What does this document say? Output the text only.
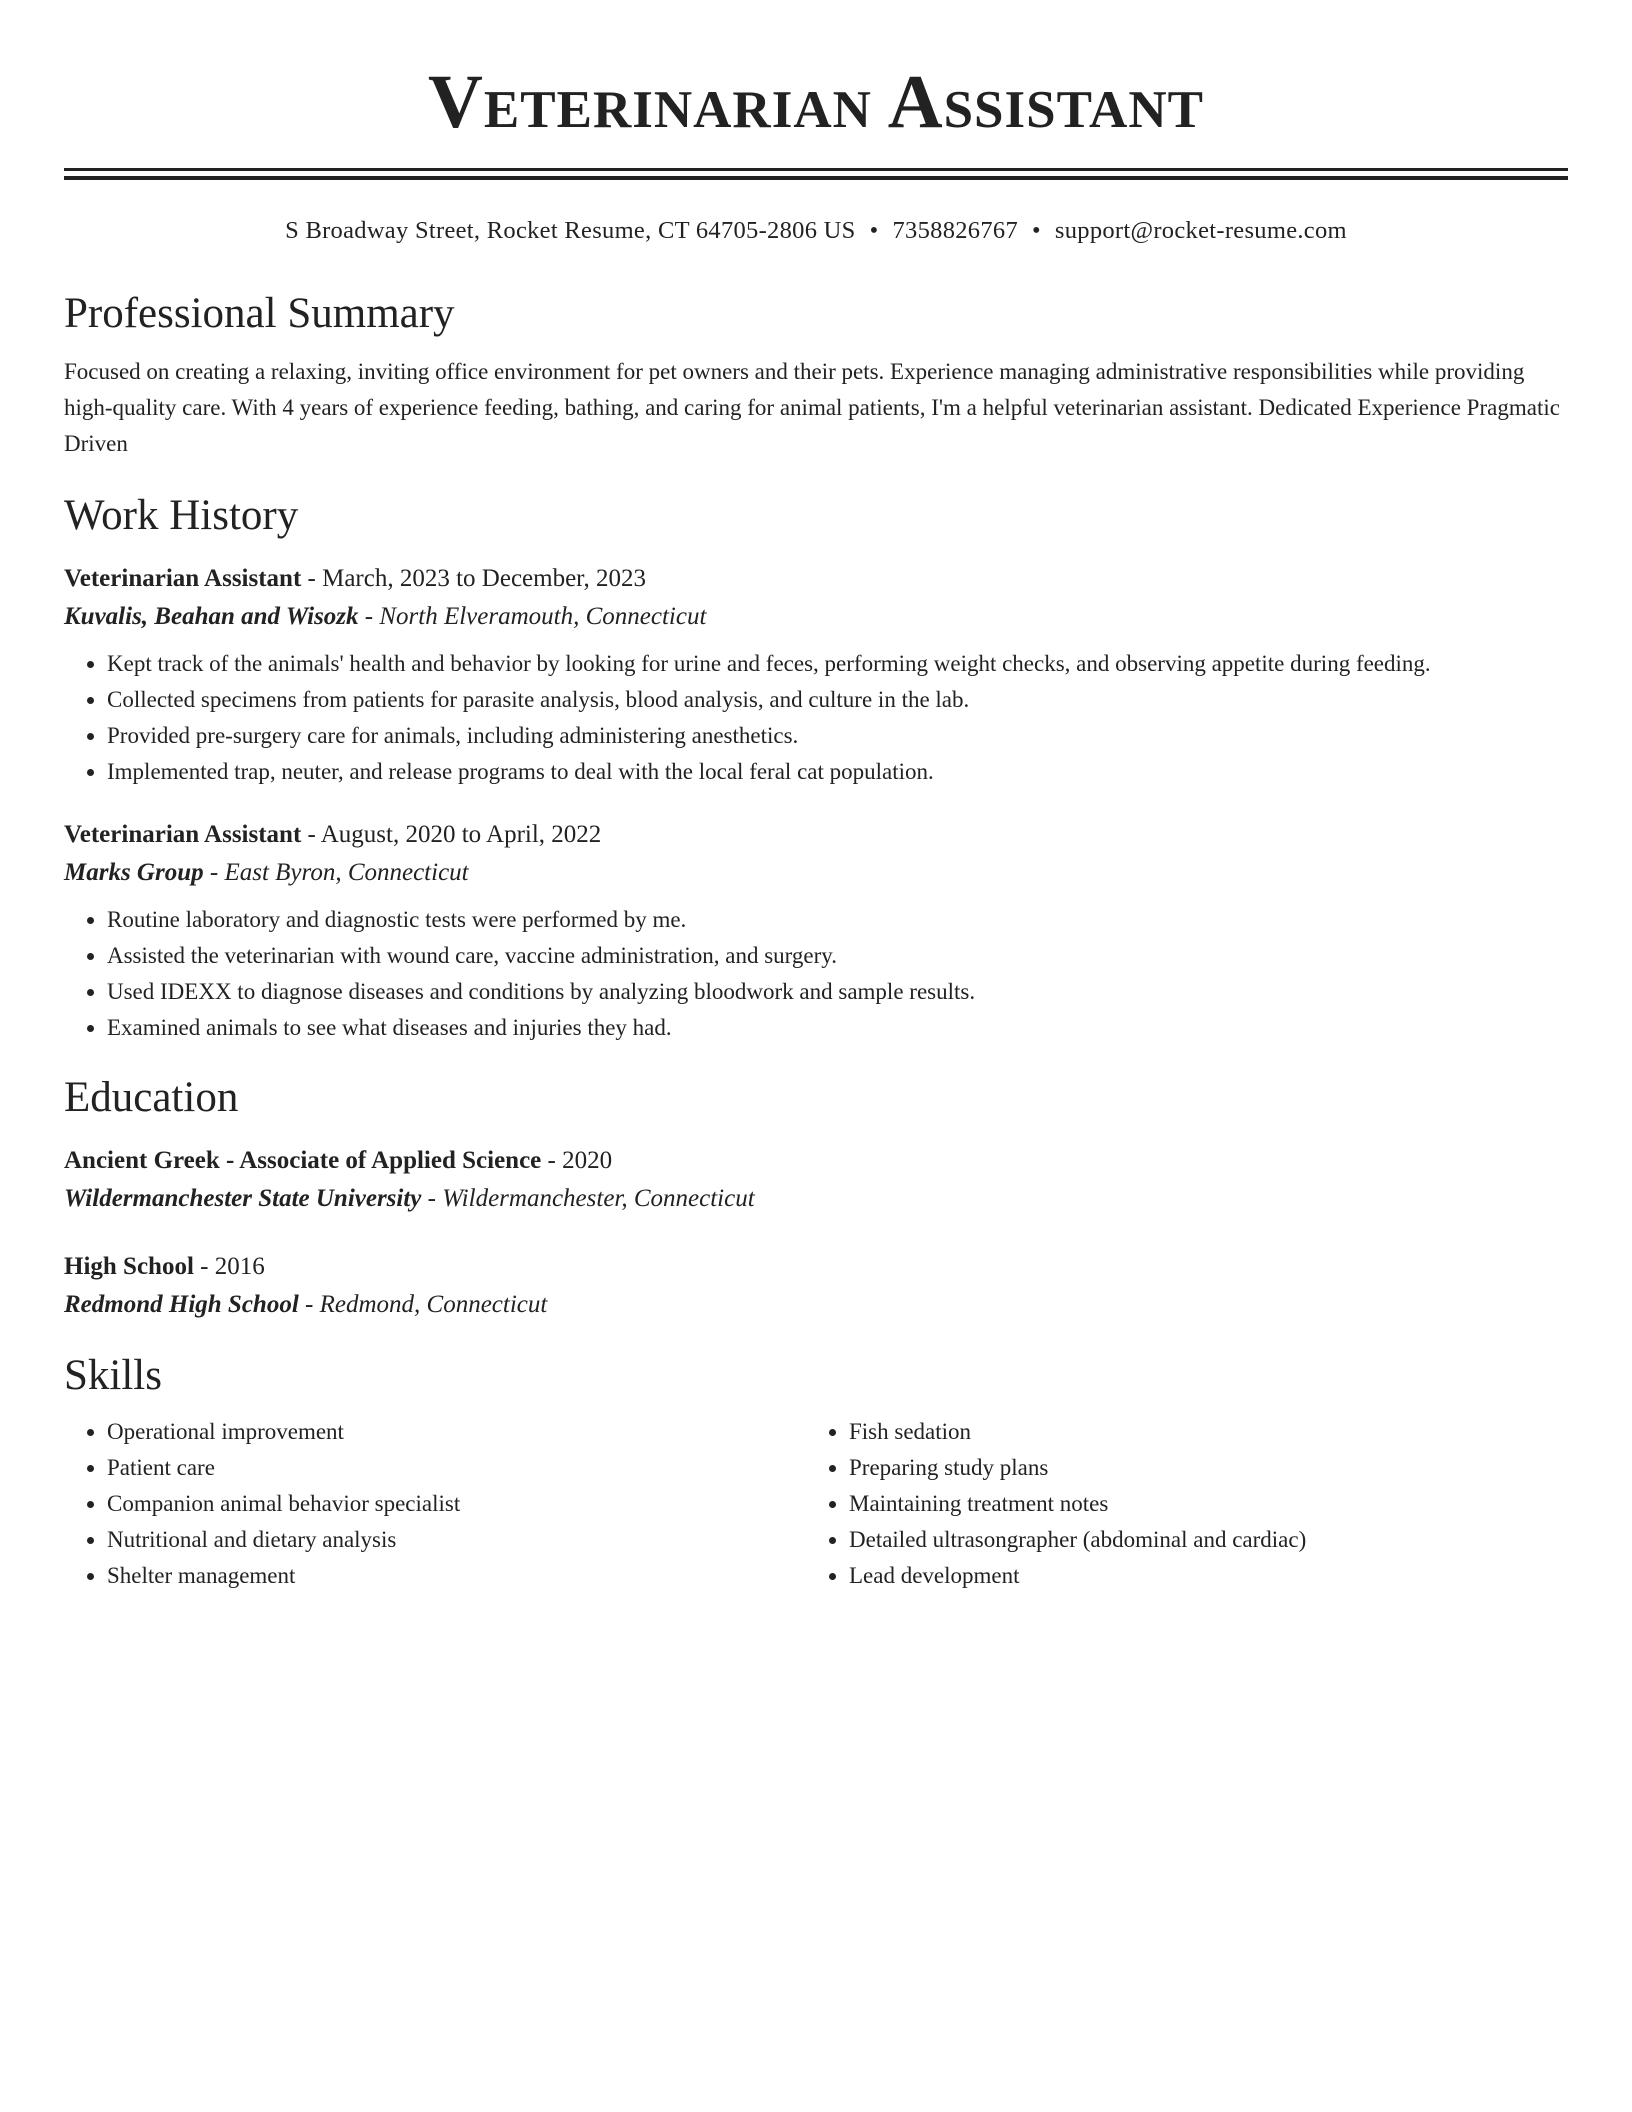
Veterinarian Assistant
S Broadway Street, Rocket Resume, CT 64705-2806 US • 7358826767 • support@rocket-resume.com
Professional Summary

Focused on creating a relaxing, inviting office environment for pet owners and their pets. Experience managing administrative responsibilities while providing high-quality care. With 4 years of experience feeding, bathing, and caring for animal patients, I'm a helpful veterinarian assistant. Dedicated Experience Pragmatic Driven

Work History
Veterinarian Assistant - March, 2023 to December, 2023
Kuvalis, Beahan and Wisozk - North Elveramouth, Connecticut
• Kept track of the animals' health and behavior by looking for urine and feces, performing weight checks, and observing appetite during feeding.
• Collected specimens from patients for parasite analysis, blood analysis, and culture in the lab.
• Provided pre-surgery care for animals, including administering anesthetics.
• Implemented trap, neuter, and release programs to deal with the local feral cat population.
Veterinarian Assistant - August, 2020 to April, 2022
Marks Group - East Byron, Connecticut
• Routine laboratory and diagnostic tests were performed by me.
• Assisted the veterinarian with wound care, vaccine administration, and surgery.
• Used IDEXX to diagnose diseases and conditions by analyzing bloodwork and sample results.
• Examined animals to see what diseases and injuries they had.
Education
Ancient Greek - Associate of Applied Science - 2020
Wildermanchester State University - Wildermanchester, Connecticut
High School - 2016
Redmond High School - Redmond, Connecticut
Skills
• Operational improvement
• Patient care
• Companion animal behavior specialist
• Nutritional and dietary analysis
• Shelter management
• Fish sedation
• Preparing study plans
• Maintaining treatment notes
• Detailed ultrasongrapher (abdominal and cardiac)
• Lead development
